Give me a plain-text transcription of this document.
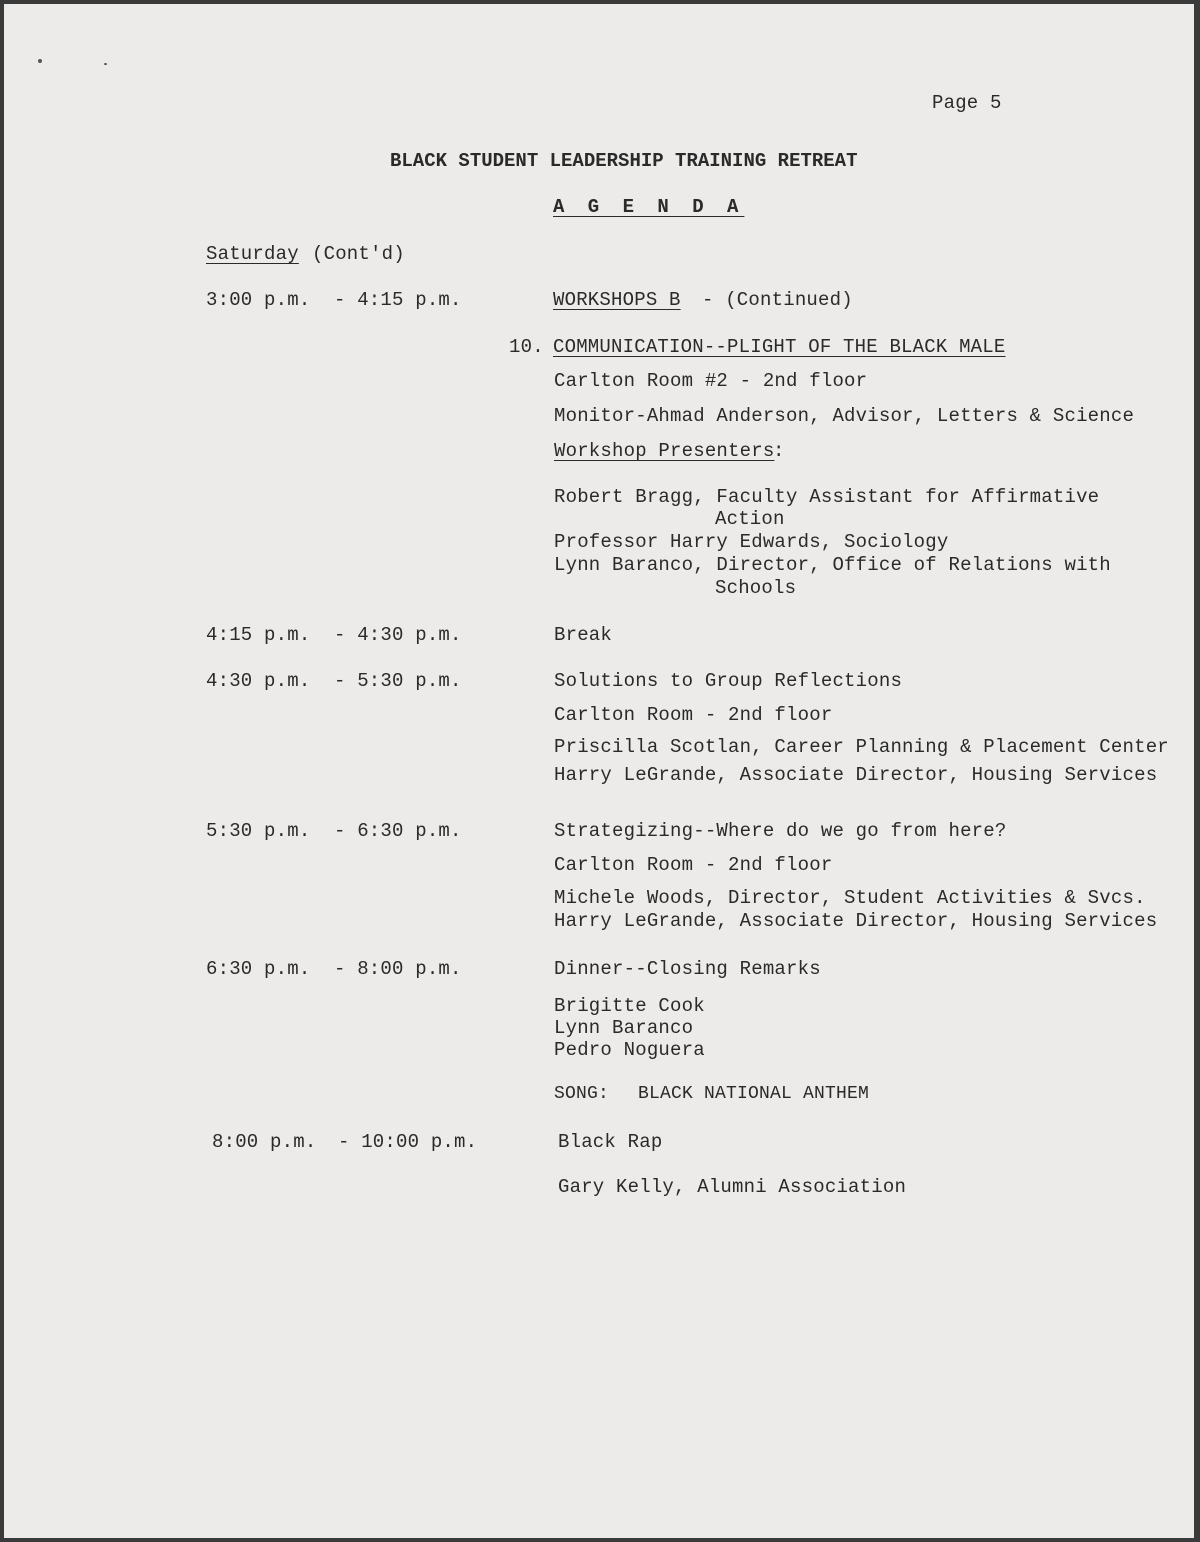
Page 5
BLACK STUDENT LEADERSHIP TRAINING RETREAT
A G E N D A
Saturday (Cont'd)
3:00 p.m. - 4:15 p.m.	WORKSHOPS B - (Continued)
10. COMMUNICATION--PLIGHT OF THE BLACK MALE
Carlton Room #2 - 2nd floor
Monitor-Ahmad Anderson, Advisor, Letters & Science
Workshop Presenters
:
Robert Bragg, Faculty Assistant for Affirmative
Action
Professor Harry Edwards, Sociology
Lynn Baranco, Director, Office of Relations with
Schools
4:15 p.m. - 4:30 p.m.	Break
4:30 p.m. - 5:30 p.m.	Solutions to Group Reflections
Carlton Room - 2nd floor
Priscilla Scotlan, Career Planning & Placement Center
Harry LeGrande, Associate Director, Housing Services
5:30 p.m. - 6:30 p.m.	Strategizing--Where do we go from here?
Carlton Room - 2nd floor
Michele Woods, Director, Student Activities & Svcs.
Harry LeGrande, Associate Director, Housing Services
6:30 p.m. - 8:00 p.m.	Dinner--Closing Remarks
Brigitte Cook
Lynn Baranco
Pedro Noguera
SONG: BLACK NATIONAL ANTHEM
8:00 p.m. - 10:00 p.m.	Black Rap
Gary Kelly, Alumni Association
